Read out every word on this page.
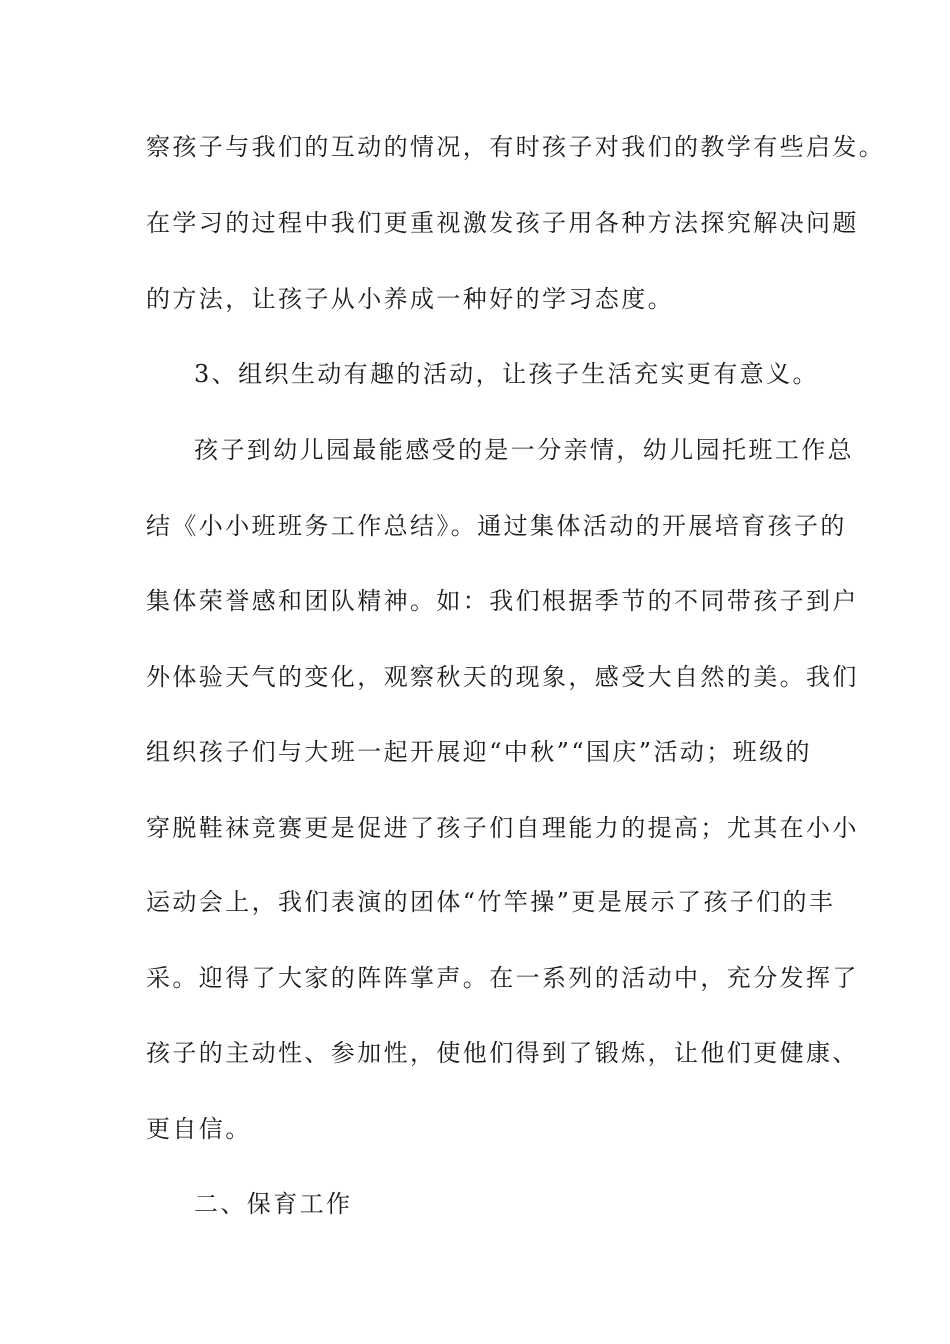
察孩子与我们的互动的情况，有时孩子对我们的教学有些启发。
在学习的过程中我们更重视激发孩子用各种方法探究解决问题
的方法，让孩子从小养成一种好的学习态度。
3、组织生动有趣的活动，让孩子生活充实更有意义。
孩子到幼儿园最能感受的是一分亲情，幼儿园托班工作总
结《小小班班务工作总结》。通过集体活动的开展培育孩子的
集体荣誉感和团队精神。如：我们根据季节的不同带孩子到户
外体验天气的变化，观察秋天的现象，感受大自然的美。我们
组织孩子们与大班一起开展迎“中秋”“国庆”活动；班级的
穿脱鞋袜竞赛更是促进了孩子们自理能力的提高；尤其在小小
运动会上，我们表演的团体“竹竿操”更是展示了孩子们的丰
采。迎得了大家的阵阵掌声。在一系列的活动中，充分发挥了
孩子的主动性、参加性，使他们得到了锻炼，让他们更健康、
更自信。
二、保育工作
